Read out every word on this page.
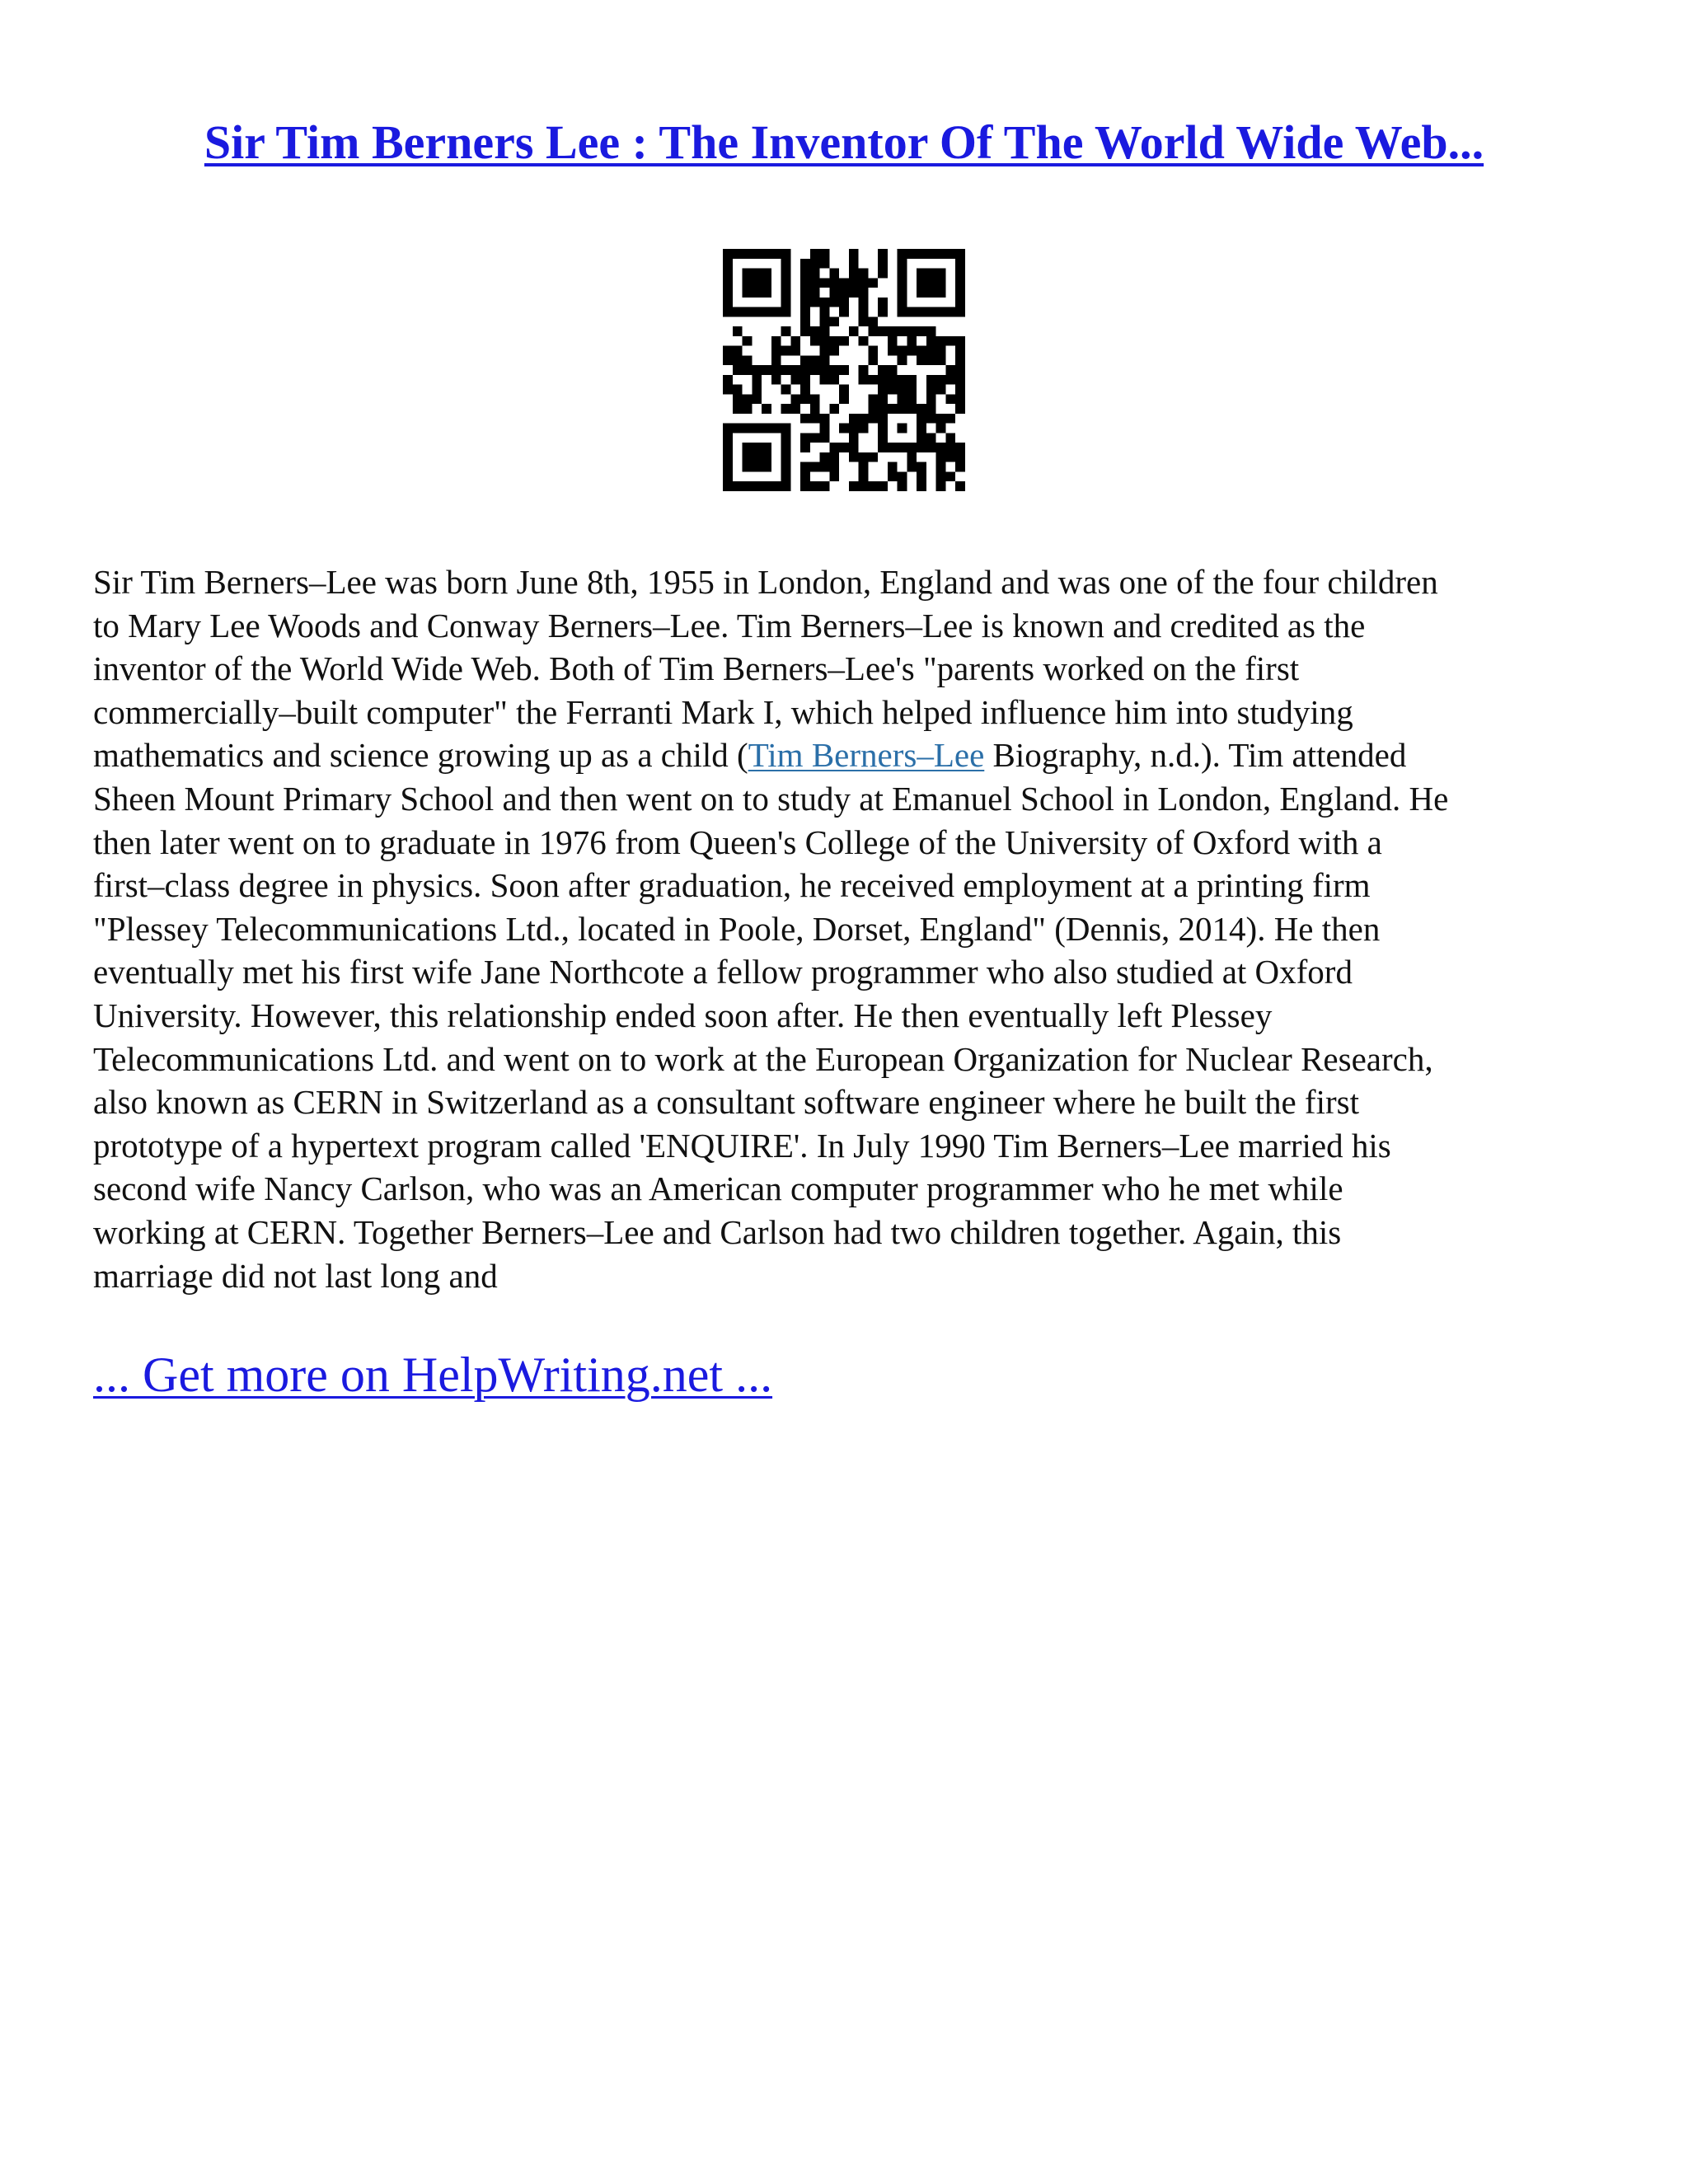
Sir Tim Berners Lee : The Inventor Of The World Wide Web...

Sir Tim Berners–Lee was born June 8th, 1955 in London, England and was one of the four children
to Mary Lee Woods and Conway Berners–Lee. Tim Berners–Lee is known and credited as the
inventor of the World Wide Web. Both of Tim Berners–Lee's "parents worked on the first
commercially–built computer" the Ferranti Mark I, which helped influence him into studying
mathematics and science growing up as a child (Tim Berners–Lee Biography, n.d.). Tim attended
Sheen Mount Primary School and then went on to study at Emanuel School in London, England. He
then later went on to graduate in 1976 from Queen's College of the University of Oxford with a
first–class degree in physics. Soon after graduation, he received employment at a printing firm
"Plessey Telecommunications Ltd., located in Poole, Dorset, England" (Dennis, 2014). He then
eventually met his first wife Jane Northcote a fellow programmer who also studied at Oxford
University. However, this relationship ended soon after. He then eventually left Plessey
Telecommunications Ltd. and went on to work at the European Organization for Nuclear Research,
also known as CERN in Switzerland as a consultant software engineer where he built the first
prototype of a hypertext program called 'ENQUIRE'. In July 1990 Tim Berners–Lee married his
second wife Nancy Carlson, who was an American computer programmer who he met while
working at CERN. Together Berners–Lee and Carlson had two children together. Again, this
marriage did not last long and

... Get more on HelpWriting.net ...
